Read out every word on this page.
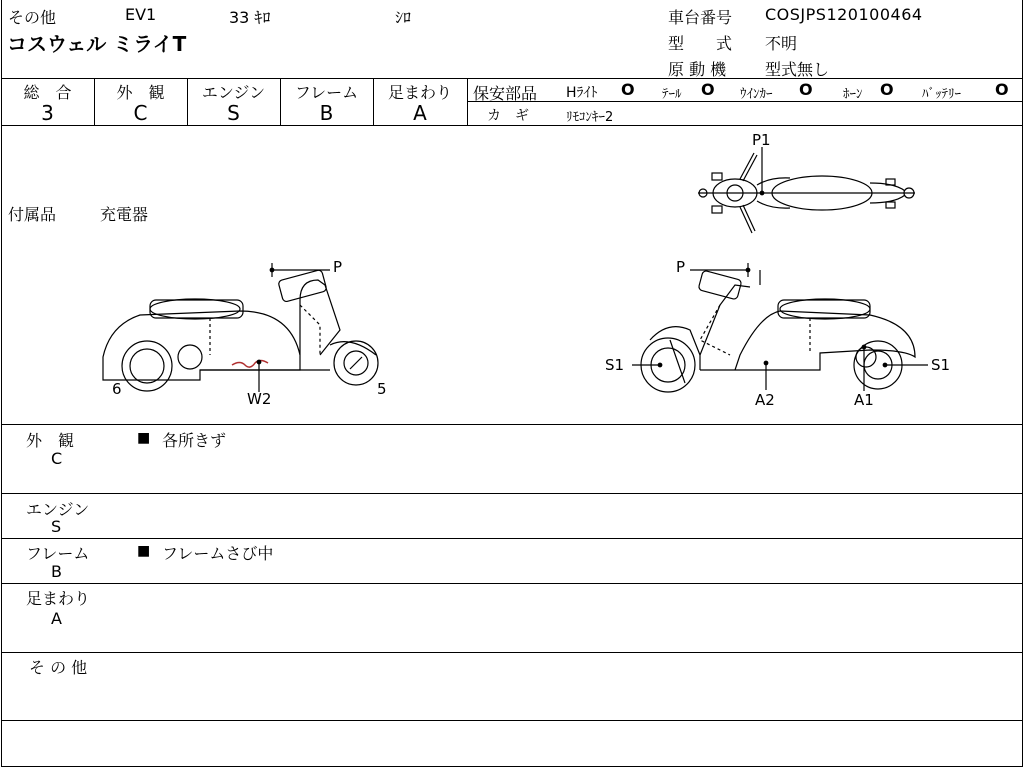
その他	EV1	33 ｷﾛ	ｼﾛ
コスウェル ミライT
車台番号 COSJPS120100464
型　　式 不明
原 動 機 型式無し
総　合
3
外　観
C
エンジン
S
フレーム
B
足まわり
A
保安部品 Hﾗｲﾄ O ﾃｰﾙ O ｳｲﾝｶｰ O ﾎｰﾝ O ﾊﾞｯﾃﾘｰ O
カ　ギ	ﾘﾓｺﾝｷｰ2
付属品	充電器
P1
P
W2
6	5
P
S1
A2	A1
S1
外　観
C
■ 各所きず
エンジン
S
フレーム
B
■ フレームさび中
足まわり
A
そ の 他
